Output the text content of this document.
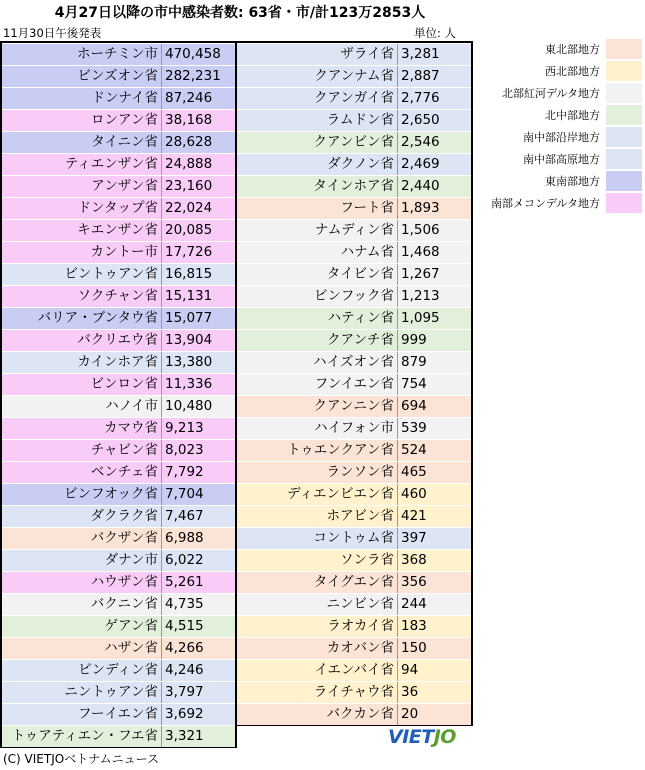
4月27日以降の市中感染者数: 63省・市/計123万2853人
11月30日午後発表	単位: 人
ホーチミン市 470,458
ビンズオン省 282,231
ドンナイ省 87,246
ロンアン省 38,168
タイニン省 28,628
ティエンザン省 24,888
アンザン省 23,160
ドンタップ省 22,024
キエンザン省 20,085
カントー市 17,726
ビントゥアン省 16,815
ソクチャン省 15,131
バリア・ブンタウ省 15,077
バクリエウ省 13,904
カインホア省 13,380
ビンロン省 11,336
ハノイ市 10,480
カマウ省 9,213
チャビン省 8,023
ベンチェ省 7,792
ビンフオック省 7,704
ダクラク省 7,467
バクザン省 6,988
ダナン市 6,022
ハウザン省 5,261
バクニン省 4,735
ゲアン省 4,515
ハザン省 4,266
ビンディン省 4,246
ニントゥアン省 3,797
フーイエン省 3,692
トゥアティエン・フエ省 3,321
ザライ省 3,281
クアンナム省 2,887
クアンガイ省 2,776
ラムドン省 2,650
クアンビン省 2,546
ダクノン省 2,469
タインホア省 2,440
フート省 1,893
ナムディン省 1,506
ハナム省 1,468
タイビン省 1,267
ビンフック省 1,213
ハティン省 1,095
クアンチ省 999
ハイズオン省 879
フンイエン省 754
クアンニン省 694
ハイフォン市 539
トゥエンクアン省 524
ランソン省 465
ディエンビエン省 460
ホアビン省 421
コントゥム省 397
ソンラ省 368
タイグエン省 356
ニンビン省 244
ラオカイ省 183
カオバン省 150
イエンバイ省 94
ライチャウ省 36
バクカン省 20
東北部地方
西北部地方
北部紅河デルタ地方
北中部地方
南中部沿岸地方
南中部高原地方
東南部地方
南部メコンデルタ地方
VIETJO
(C) VIETJOベトナムニュース
